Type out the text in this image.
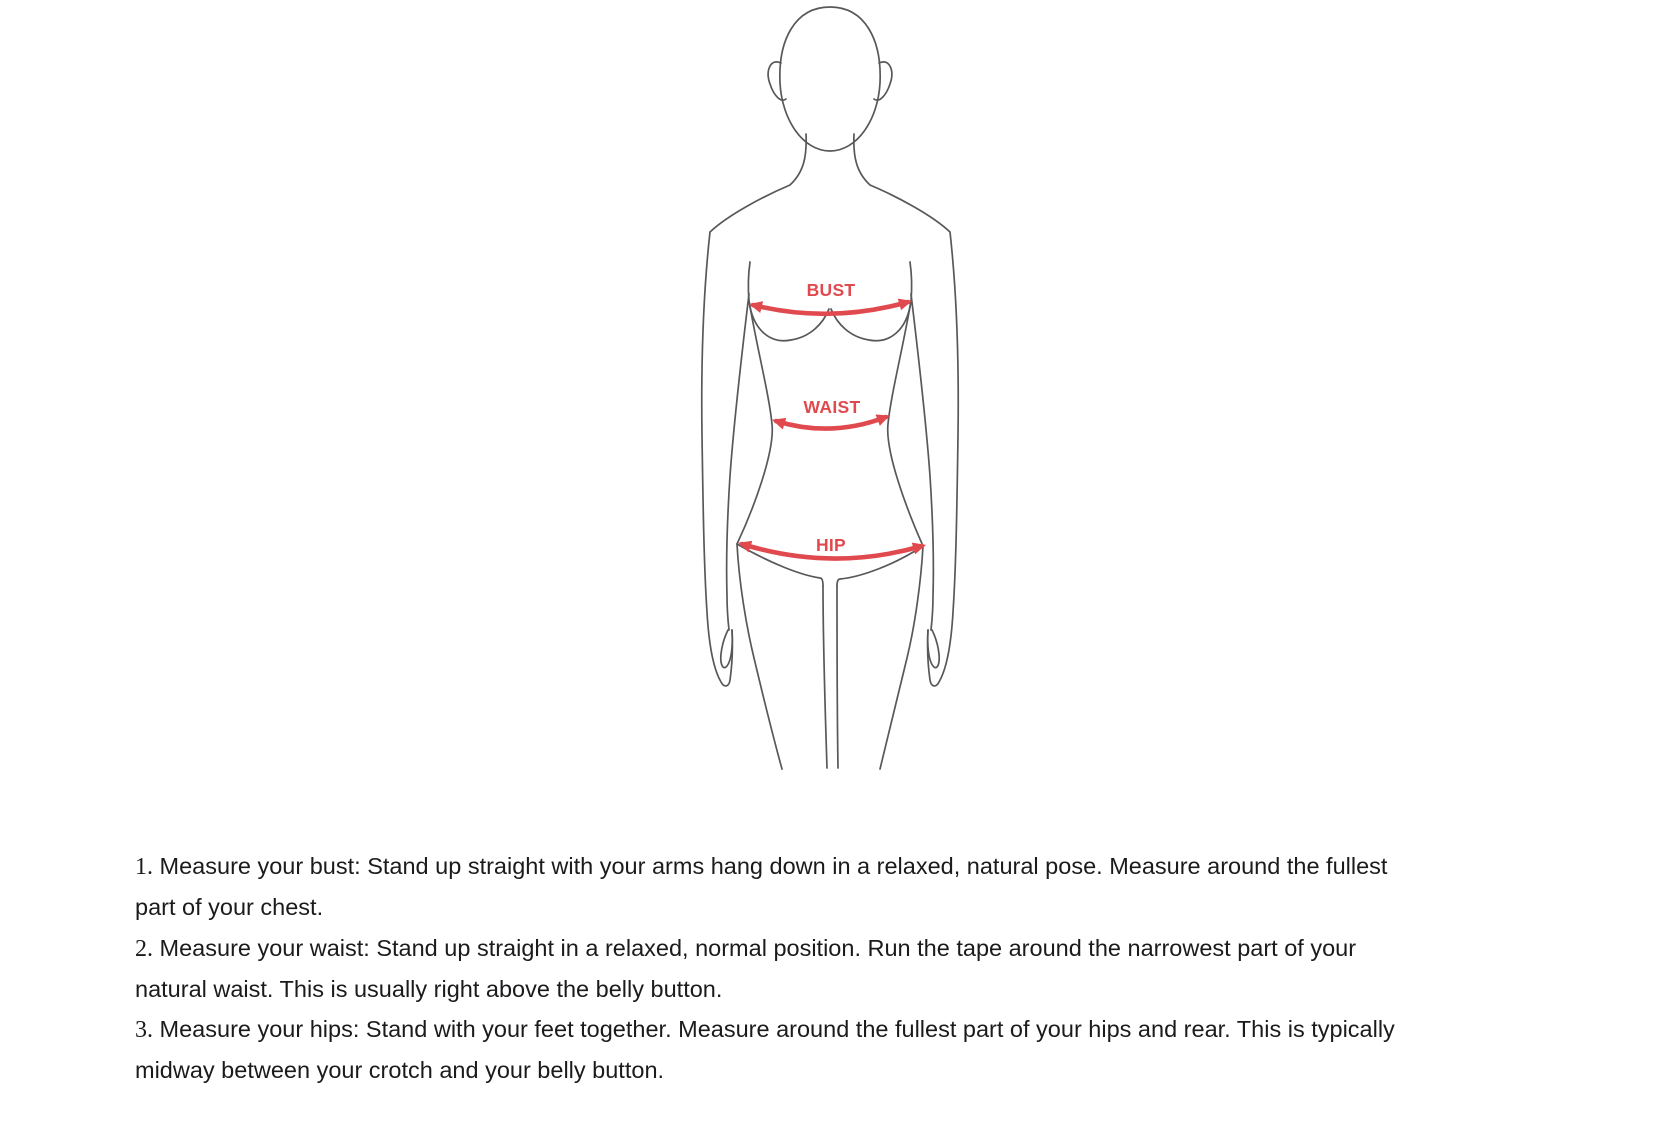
BUST
WAIST
HIP

1. Measure your bust: Stand up straight with your arms hang down in a relaxed, natural pose. Measure around the fullest

part of your chest.

2. Measure your waist: Stand up straight in a relaxed, normal position. Run the tape around the narrowest part of your

natural waist. This is usually right above the belly button.

3. Measure your hips: Stand with your feet together. Measure around the fullest part of your hips and rear. This is typically

midway between your crotch and your belly button.
